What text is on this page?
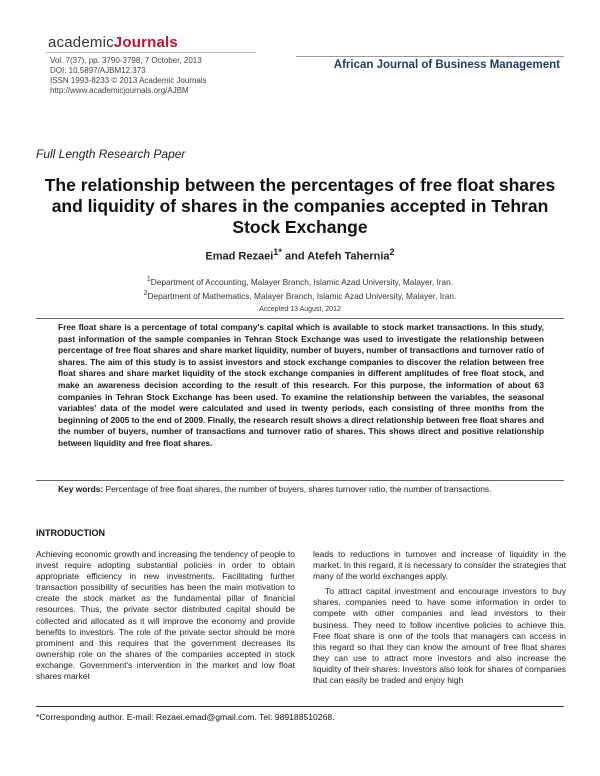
academicJournals
Vol. 7(37), pp. 3790-3798, 7 October, 2013
DOI: 10.5897/AJBM12.373
ISSN 1993-8233 © 2013 Academic Journals
http://www.academicjournals.org/AJBM
African Journal of Business Management
Full Length Research Paper
The relationship between the percentages of free float shares and liquidity of shares in the companies accepted in Tehran Stock Exchange
Emad Rezaei$^{1*}$ and Atefeh Tahernia$^2$
$^1$Department of Accounting, Malayer Branch, Islamic Azad University, Malayer, Iran.
$^2$Department of Mathematics, Malayer Branch, Islamic Azad University, Malayer, Iran.
Accepted 13 August, 2012
Free float share is a percentage of total company's capital which is available to stock market transactions. In this study, past information of the sample companies in Tehran Stock Exchange was used to investigate the relationship between percentage of free float shares and share market liquidity, number of buyers, number of transactions and turnover ratio of shares. The aim of this study is to assist investors and stock exchange companies to discover the relation between free float shares and share market liquidity of the stock exchange companies in different amplitudes of free float stock, and make an awareness decision according to the result of this research. For this purpose, the information of about 63 companies in Tehran Stock Exchange has been used. To examine the relationship between the variables, the seasonal variables' data of the model were calculated and used in twenty periods, each consisting of three months from the beginning of 2005 to the end of 2009. Finally, the research result shows a direct relationship between free float shares and the number of buyers, number of transactions and turnover ratio of shares. This shows direct and positive relationship between liquidity and free float shares.
Key words: Percentage of free float shares, the number of buyers, shares turnover ratio, the number of transactions.
INTRODUCTION

Achieving economic growth and increasing the tendency of people to invest require adopting substantial policies in order to obtain appropriate efficiency in new investments. Facilitating further transaction possibility of securities has been the main motivation to create the stock market as the fundamental pillar of financial resources. Thus, the private sector distributed capital should be collected and allocated as it will improve the economy and provide benefits to investors. The role of the private sector should be more prominent and this requires that the government decreases its ownership role on the shares of the companies accepted in stock exchange. Government's intervention in the market and low float shares market

leads to reductions in turnover and increase of liquidity in the market. In this regard, it is necessary to consider the strategies that many of the world exchanges apply.

To attract capital investment and encourage investors to buy shares, companies need to have some information in order to compete with other companies and lead investors to their business. They need to follow incentive policies to achieve this. Free float share is one of the tools that managers can access in this regard so that they can know the amount of free float shares they can use to attract more investors and also increase the liquidity of their shares. Investors also look for shares of companies that can easily be traded and enjoy high

*Corresponding author. E-mail: Rezaei.emad@gmail.com. Tel: 989188510268.
